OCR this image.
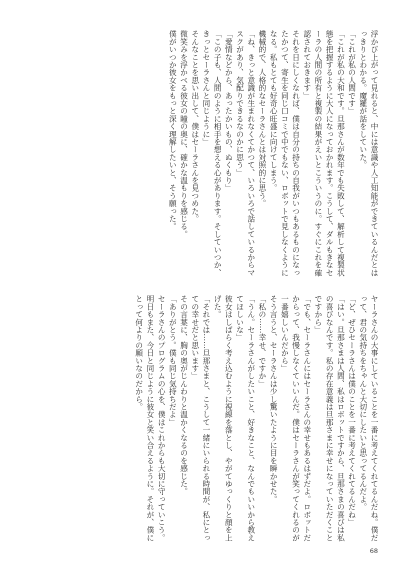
浮かび上がって見れると、中には意識や人工知能ができているんだとはっきりとわかる。魔羅が話をしていた。
「これが私の人間です」
「これが私の大和です。旦那さんが数年でも失敗して、解析して複製状態を把握するように大人になっておかれます。こうして、ダルもきなセーラの人間の所有と複製の結果がえいとこういうのに。すぐにこれを確認されておきます」
それを日にしくなれば、僕は自分の持ちの自我がいつもあるものになったかつて、寄生を同じ口コミで中でもない、ロボットで見しなくようになる。私もとても好奇心旺盛に向けてしまう。
機械的で、人格的なセーラさんとは対照的に思う。
「ね、きっと意識が生まれなくてかつて、いろいろで話しているからマスクがあり、気配りできるなのかに思う」
「愛情などから、あったかいもの、ぬくもり」
「この子も、人間のように相手を想える心があります。そしていつか、きっとセーラさんと同じように」
そんなことを思い出して、僕はセーラさんを見つめた。
微笑みを浮かべる彼女の瞳の奥に、確かな温もりを感じる。
僕がいつか彼女をもっと深く理解したいと、そう願った。
ヤーラさんの大事にしていることを一番に考えてくれてるんだね。僕だって、君の気持ちをちゃんと大切にしたいと思ってるんだよ。
「ど、ぜひセーラさんは僕のことを一番に考えてくれてるんだね」
「はい。旦那さまは人間、私はロボットですから、旦那さまの喜びは私の喜びなんです。私の存在意義は旦那さまに幸せになっていただくことですから」
「でも、セーラさんにはセーラさんの幸せもあるはずだよ。ロボットだからって、我慢しなくていいんだ。僕はセーラさんが笑ってくれるのが一番嬉しいんだから」
そう言うと、セーラさんは少し驚いたように目を瞬かせた。
「私の……幸せ、ですか」
「うん。セーラさんがしたいこと、好きなこと、なんでもいいから教えてほしいな」
彼女はしばらく考え込むように視線を落とし、やがてゆっくりと顔を上げた。
「それでは……旦那さまと、こうして一緒にいられる時間が、私にとっての幸せだと思います」
その言葉に、胸の奥がじんわりと温かくなるのを感じた。
「ありがとう。僕も同じ気持ちだよ」
セーラさんのプログラムの心を、僕はこれからも大切に守っていこう。
明日もまた、今日と同じように彼女と笑い合えるように。それが、僕にとって何よりの願いなのだから。
68
